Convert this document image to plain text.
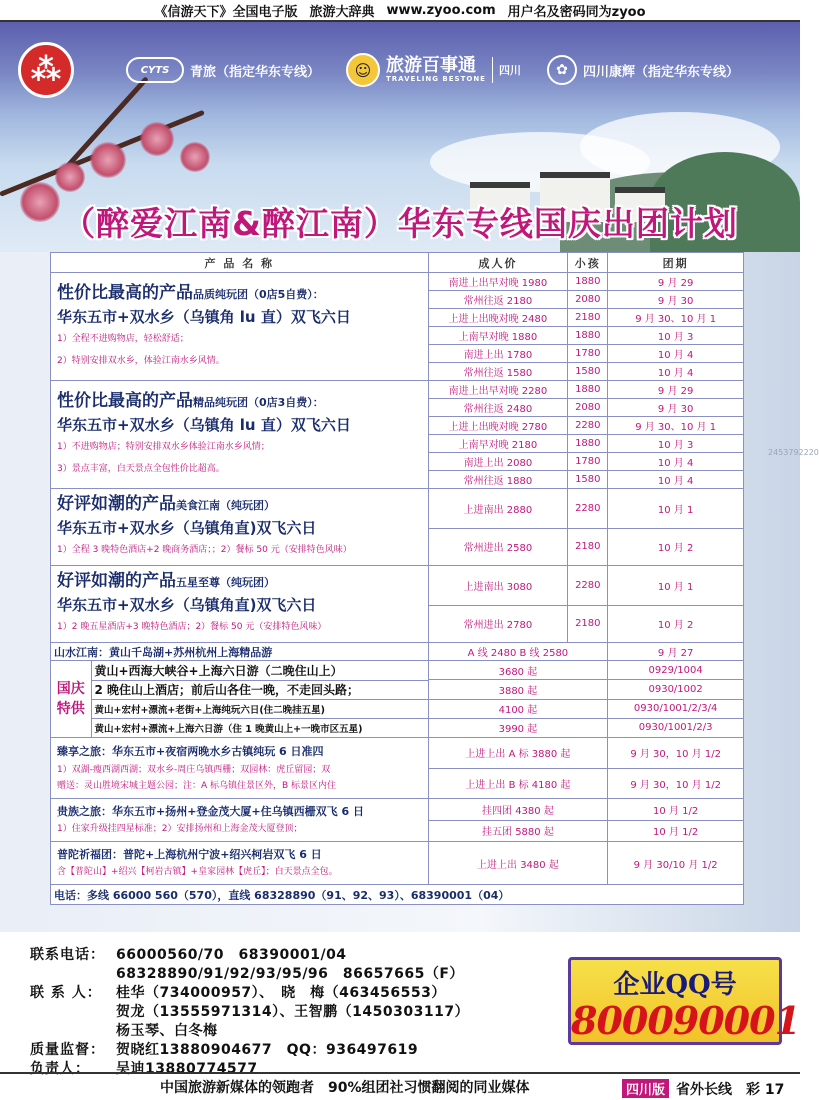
《信游天下》全国电子版 旅游大辞典 www.zyoo.com 用户名及密码同为zyoo
⁂	CYTS	青旅（指定华东专线）	☺ 旅游百事通
TRAVELING BESTONE
四川	✿	四川康辉（指定华东专线）
（醉爱江南&醉江南）华东专线国庆出团计划
2453792220
产 品 名 称	成人价	小孩	团期

性价比最高的产品品质纯玩团（0店5自费）：
华东五市+双水乡（乌镇角 lu 直）双飞六日
1）全程不进购物店，轻松舒适；
2）特别安排双水乡，体验江南水乡风情。
	南进上出早对晚 1980	1880	9 月 29
常州往返 2180	2080	9 月 30
上进上出晚对晚 2480	2180	9 月 30、10 月 1
上南早对晚 1880	1880	10 月 3
南进上出 1780	1780	10 月 4
常州往返 1580	1580	10 月 4

性价比最高的产品精品纯玩团（0店3自费）：
华东五市+双水乡（乌镇角 lu 直）双飞六日
1）不进购物店；特别安排双水乡体验江南水乡风情；
3）景点丰富，白天景点全包性价比超高。
	南进上出早对晚 2280	1880	9 月 29
常州往返 2480	2080	9 月 30
上进上出晚对晚 2780	2280	9 月 30、10 月 1
上南早对晚 2180	1880	10 月 3
南进上出 2080	1780	10 月 4
常州往返 1880	1580	10 月 4

好评如潮的产品美食江南（纯玩团）
华东五市+双水乡（乌镇角直)双飞六日
1）全程 3 晚特色酒店+2 晚商务酒店；；2）餐标 50 元（安排特色风味）
	上进南出 2880	2280	10 月 1
常州进出 2580	2180	10 月 2

好评如潮的产品五星至尊（纯玩团）
华东五市+双水乡（乌镇角直)双飞六日
1）2 晚五星酒店+3 晚特色酒店；2）餐标 50 元（安排特色风味）
	上进南出 3080	2280	10 月 1
常州进出 2780	2180	10 月 2
山水江南：黄山千岛湖+苏州杭州上海精品游	A 线 2480 B 线 2580	9 月 27

国庆特供	黄山+西海大峡谷+上海六日游（二晚住山上）
2 晚住山上酒店；前后山各住一晚，不走回头路；
黄山+宏村+漂流+老街+上海纯玩六日(住二晚挂五星)
黄山+宏村+漂流+上海六日游（住 1 晚黄山上+一晚市区五星)
	3680 起	0929/1004
3880 起	0930/1002
4100 起	0930/1001/2/3/4
3990 起	0930/1001/2/3

臻享之旅：华东五市+夜宿两晚水乡古镇纯玩 6 日准四
1）双湖-瘦西湖西湖；双水乡-周庄乌镇西栅；双园林：虎丘留园；双
赠送：灵山胜境宋城主题公园；注：A 标乌镇住景区外，B 标景区内住
	上进上出 A 标 3880 起	9 月 30，10 月 1/2
上进上出 B 标 4180 起	9 月 30，10 月 1/2

贵族之旅：华东五市+扬州+登金茂大厦+住乌镇西栅双飞 6 日
1）住家升级挂四星标准；2）安排扬州和上海金茂大厦登顶；
	挂四团 4380 起	10 月 1/2
挂五团 5880 起	10 月 1/2

普陀祈福团：普陀+上海杭州宁波+绍兴柯岩双飞 6 日
含【普陀山】+绍兴【柯岩古镇】+皇家园林【虎丘】；白天景点全包。
	上进上出 3480 起	9 月 30/10 月 1/2
电话：多线 66000 560（570），直线 68328890（91、92、93）、68390001（04）
联系电话： 66000560/70　68390001/04
68328890/91/92/93/95/96　86657665（F）
联 系 人：	桂华（734000957）、　晓　梅（463456553）
贺龙（13555971314）、王智鹏（1450303117）
杨玉琴、白冬梅
质量监督： 贺晓红13880904677　QQ：936497619
负责人：	吴迪13880774577
企业QQ号
800090001
中国旅游新媒体的领跑者　90%组团社习惯翻阅的同业媒体	四川版 省外长线　彩 17
